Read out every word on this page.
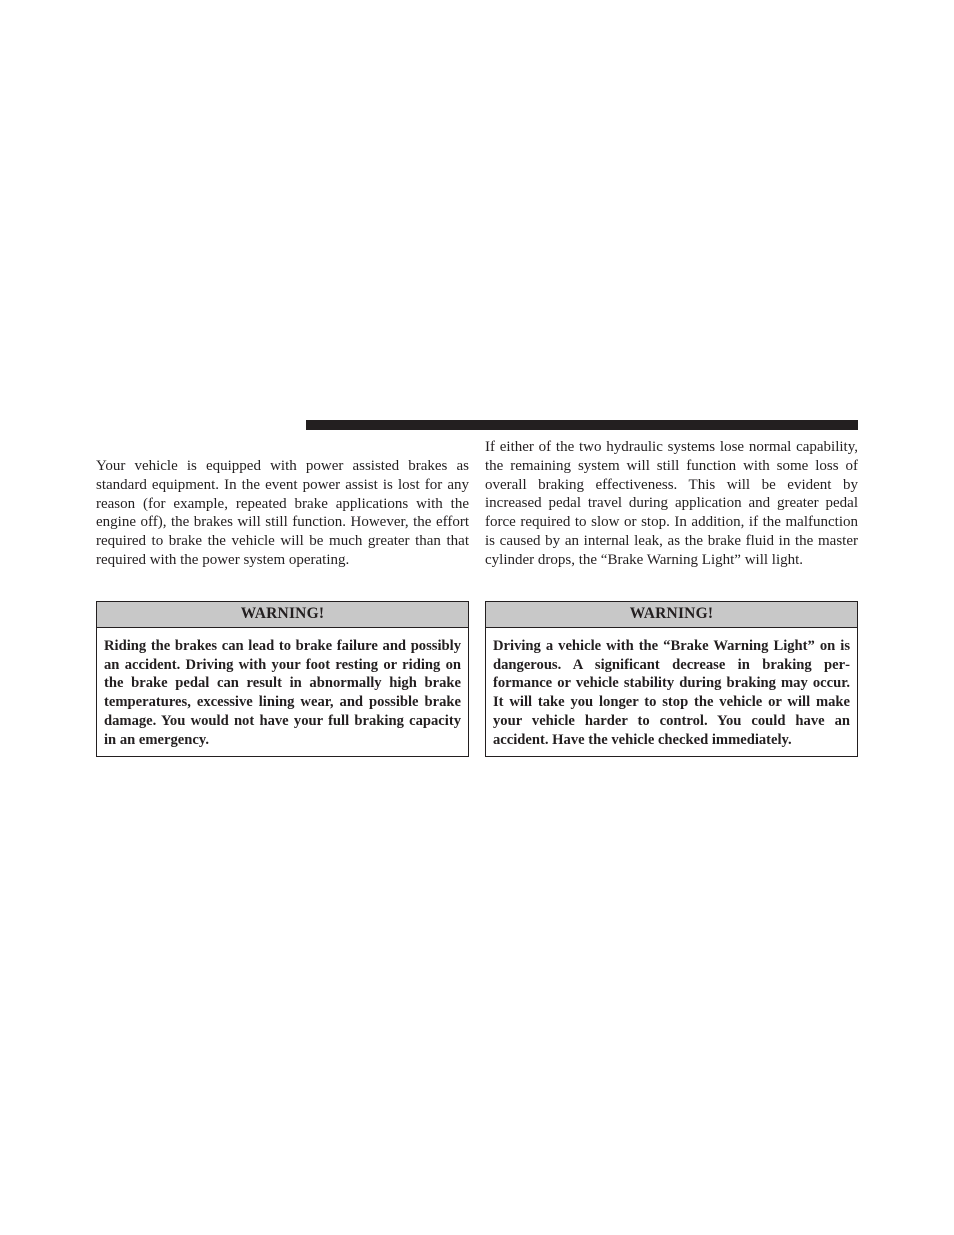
Your vehicle is equipped with power assisted brakes as standard equipment. In the event power assist is lost for any reason (for example, repeated brake applications with the engine off), the brakes will still function. However, the effort required to brake the vehicle will be much greater than that required with the power system operating.

If either of the two hydraulic systems lose normal capability, the remaining system will still function with some loss of overall braking effectiveness. This will be evident by increased pedal travel during application and greater pedal force required to slow or stop. In addition, if the malfunction is caused by an internal leak, as the brake fluid in the master cylinder drops, the “Brake Warning Light” will light.

WARNING!

Riding the brakes can lead to brake failure and possibly an accident. Driving with your foot resting or riding on the brake pedal can result in abnormally high brake temperatures, excessive lining wear, and possible brake damage. You would not have your full braking capacity in an emergency.

WARNING!

Driving a vehicle with the “Brake Warning Light” on is dangerous. A significant decrease in braking performance or vehicle stability during braking may occur. It will take you longer to stop the vehicle or will make your vehicle harder to control. You could have an accident. Have the vehicle checked immediately.
